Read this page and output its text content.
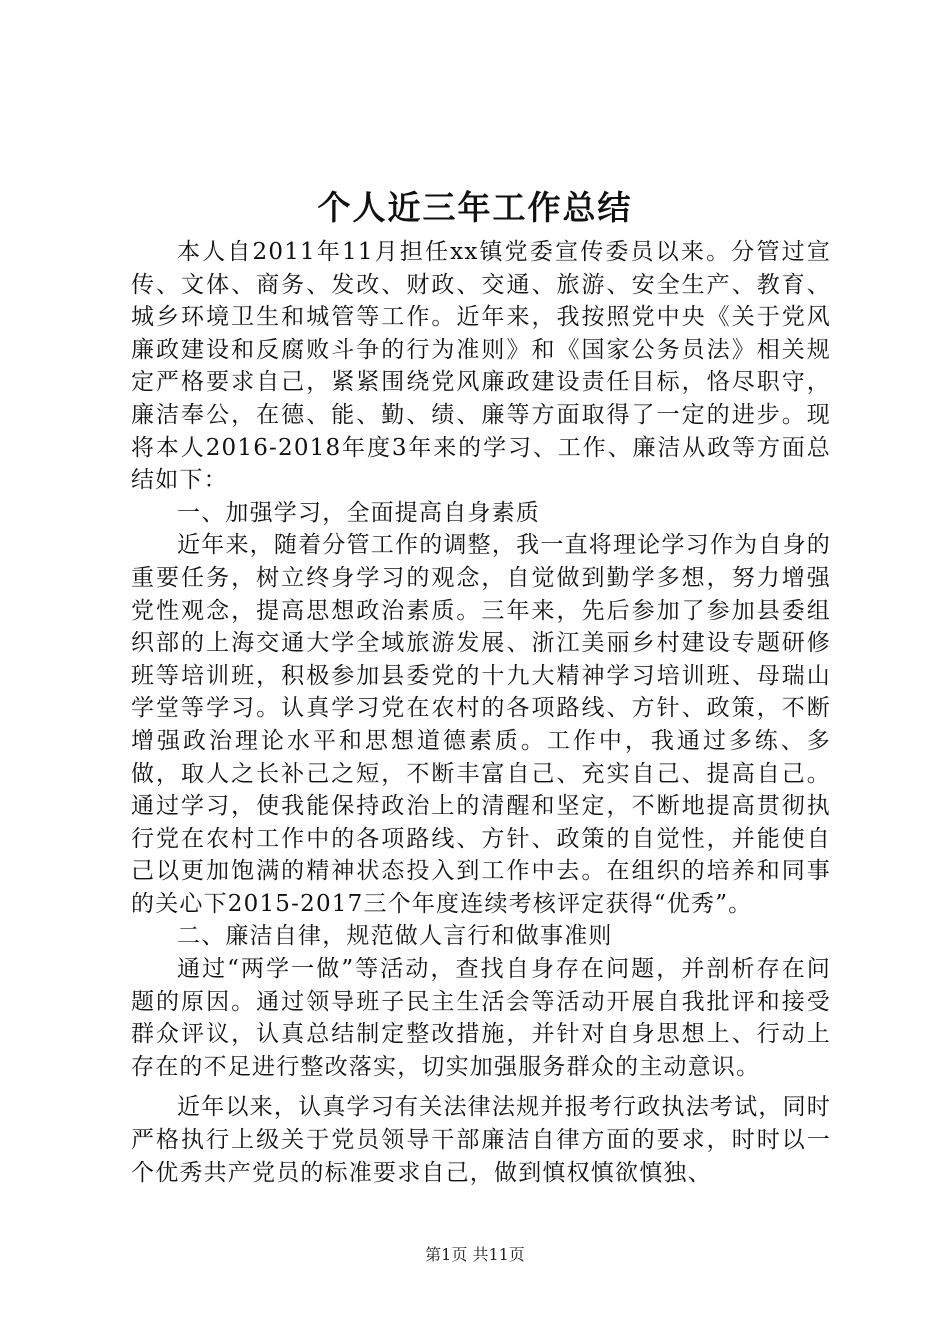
个人近三年工作总结

本人自2011年11月担任xx镇党委宣传委员以来。分管过宣传、文体、商务、发改、财政、交通、旅游、安全生产、教育、城乡环境卫生和城管等工作。近年来，我按照党中央《关于党风廉政建设和反腐败斗争的行为准则》和《国家公务员法》相关规定严格要求自己，紧紧围绕党风廉政建设责任目标，恪尽职守，廉洁奉公，在德、能、勤、绩、廉等方面取得了一定的进步。现将本人2016-2018年度3年来的学习、工作、廉洁从政等方面总结如下：

一、加强学习，全面提高自身素质

近年来，随着分管工作的调整，我一直将理论学习作为自身的重要任务，树立终身学习的观念，自觉做到勤学多想，努力增强党性观念，提高思想政治素质。三年来，先后参加了参加县委组织部的上海交通大学全域旅游发展、浙江美丽乡村建设专题研修班等培训班，积极参加县委党的十九大精神学习培训班、母瑞山学堂等学习。认真学习党在农村的各项路线、方针、政策，不断增强政治理论水平和思想道德素质。工作中，我通过多练、多做，取人之长补己之短，不断丰富自己、充实自己、提高自己。通过学习，使我能保持政治上的清醒和坚定，不断地提高贯彻执行党在农村工作中的各项路线、方针、政策的自觉性，并能使自己以更加饱满的精神状态投入到工作中去。在组织的培养和同事的关心下2015-2017三个年度连续考核评定获得“优秀”。

二、廉洁自律，规范做人言行和做事准则

通过“两学一做”等活动，查找自身存在问题，并剖析存在问题的原因。通过领导班子民主生活会等活动开展自我批评和接受群众评议，认真总结制定整改措施，并针对自身思想上、行动上存在的不足进行整改落实，切实加强服务群众的主动意识。

近年以来，认真学习有关法律法规并报考行政执法考试，同时严格执行上级关于党员领导干部廉洁自律方面的要求，时时以一个优秀共产党员的标准要求自己，做到慎权慎欲慎独、

第1页 共11页
